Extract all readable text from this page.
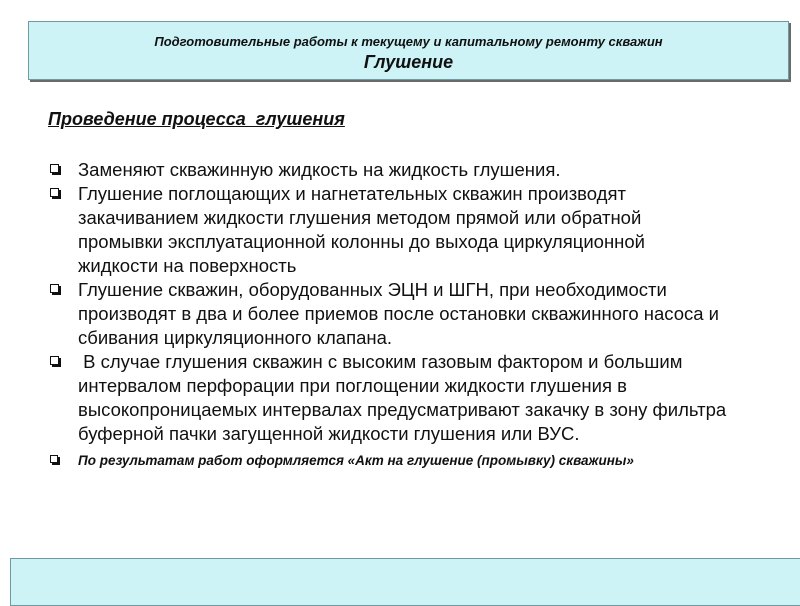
Подготовительные работы к текущему и капитальному ремонту скважин
Глушение
Проведение процесса  глушения
Заменяют скважинную жидкость на жидкость глушения.
Глушение поглощающих и нагнетательных скважин производят закачиванием жидкости глушения методом прямой или обратной промывки эксплуатационной колонны до выхода циркуляционной жидкости на поверхность
Глушение скважин, оборудованных ЭЦН и ШГН, при необходимости производят в два и более приемов после остановки скважинного насоса и сбивания циркуляционного клапана.
В случае глушения скважин с высоким газовым фактором и большим интервалом перфорации при поглощении жидкости глушения в высокопроницаемых интервалах предусматривают закачку в зону фильтра буферной пачки загущенной жидкости глушения или ВУС.
По результатам работ оформляется «Акт на глушение (промывку) скважины»
